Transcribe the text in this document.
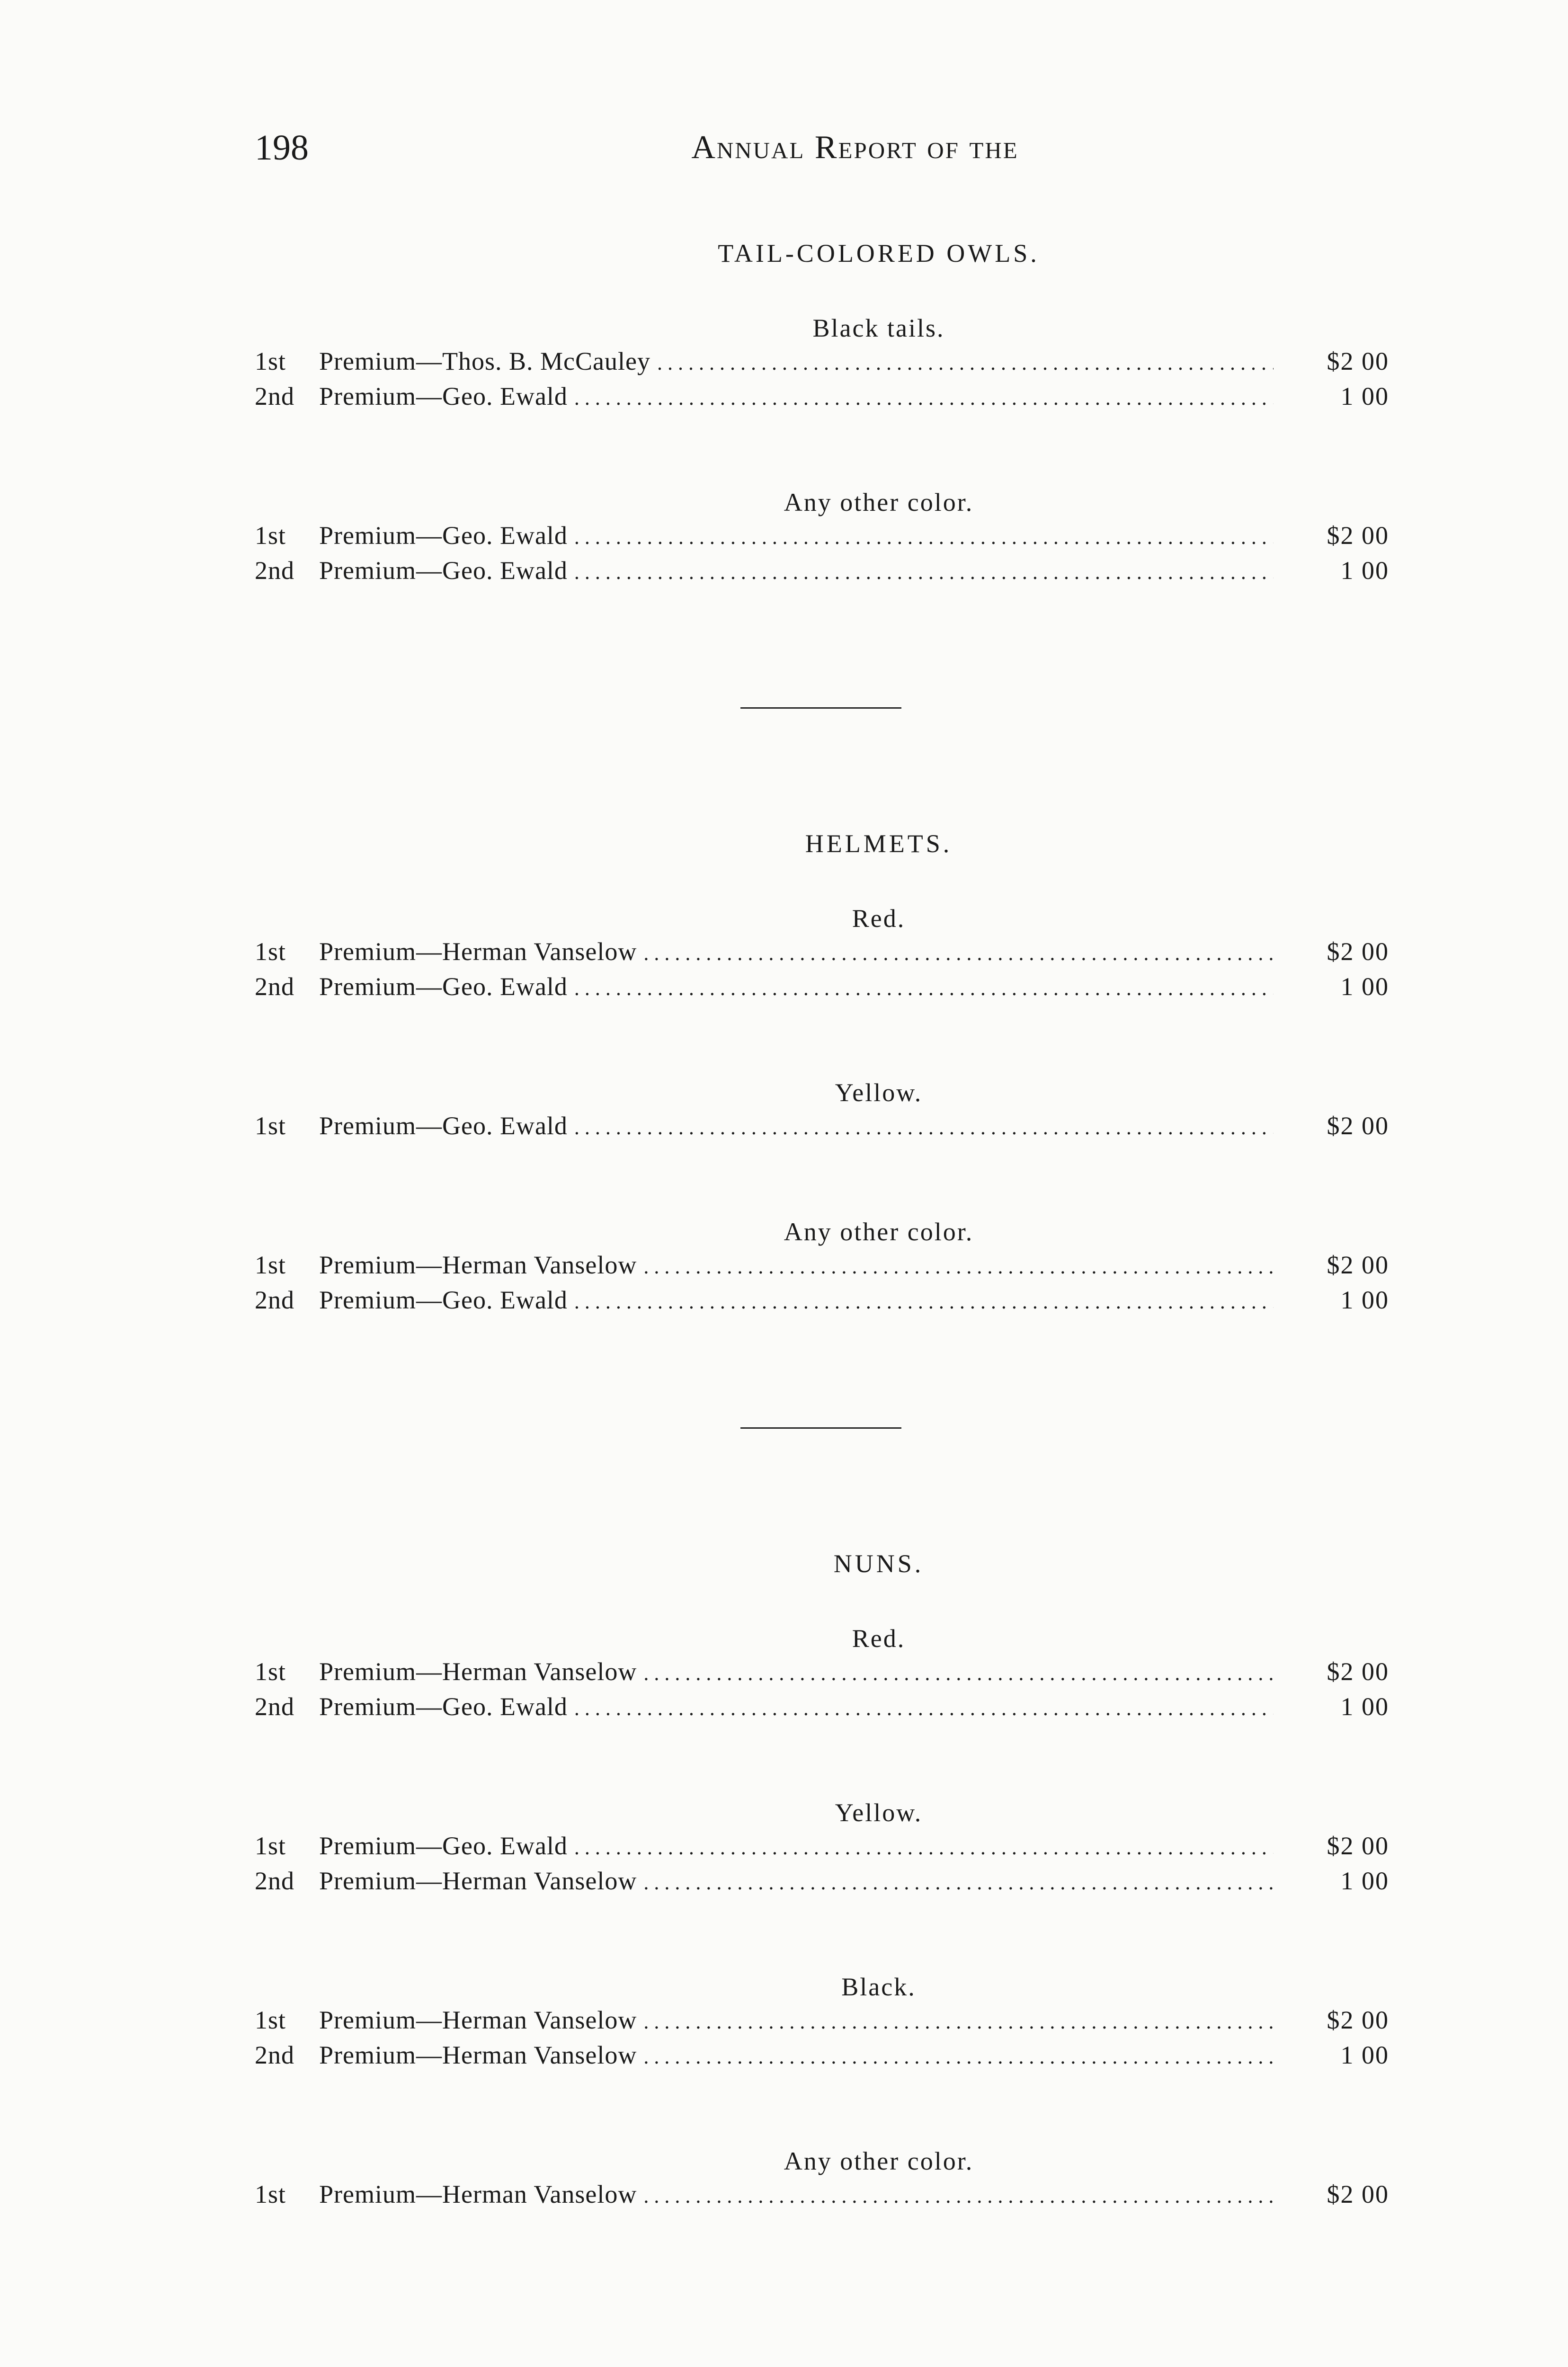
198	Annual Report of the
TAIL-COLORED OWLS.
Black tails.
1st	Premium—Thos. B. McCauley . . .	$2 00
2nd Premium—Geo. Ewald . . .	1 00
Any other color.
1st	Premium—Geo. Ewald . . .	$2 00
2nd Premium—Geo. Ewald . . .	1 00
HELMETS.
Red.
1st	Premium—Herman Vanselow . . .	$2 00
2nd Premium—Geo. Ewald . . .	1 00
Yellow.
1st	Premium—Geo. Ewald . . .	$2 00
Any other color.
1st	Premium—Herman Vanselow . . .	$2 00
2nd Premium—Geo. Ewald . . .	1 00
NUNS.
Red.
1st	Premium—Herman Vanselow . . .	$2 00
2nd Premium—Geo. Ewald . . .	1 00
Yellow.
1st	Premium—Geo. Ewald . . .	$2 00
2nd Premium—Herman Vanselow . . .	1 00
Black.
1st	Premium—Herman Vanselow . . .	$2 00
2nd Premium—Herman Vanselow . . .	1 00
Any other color.
1st	Premium—Herman Vanselow . . .	$2 00
